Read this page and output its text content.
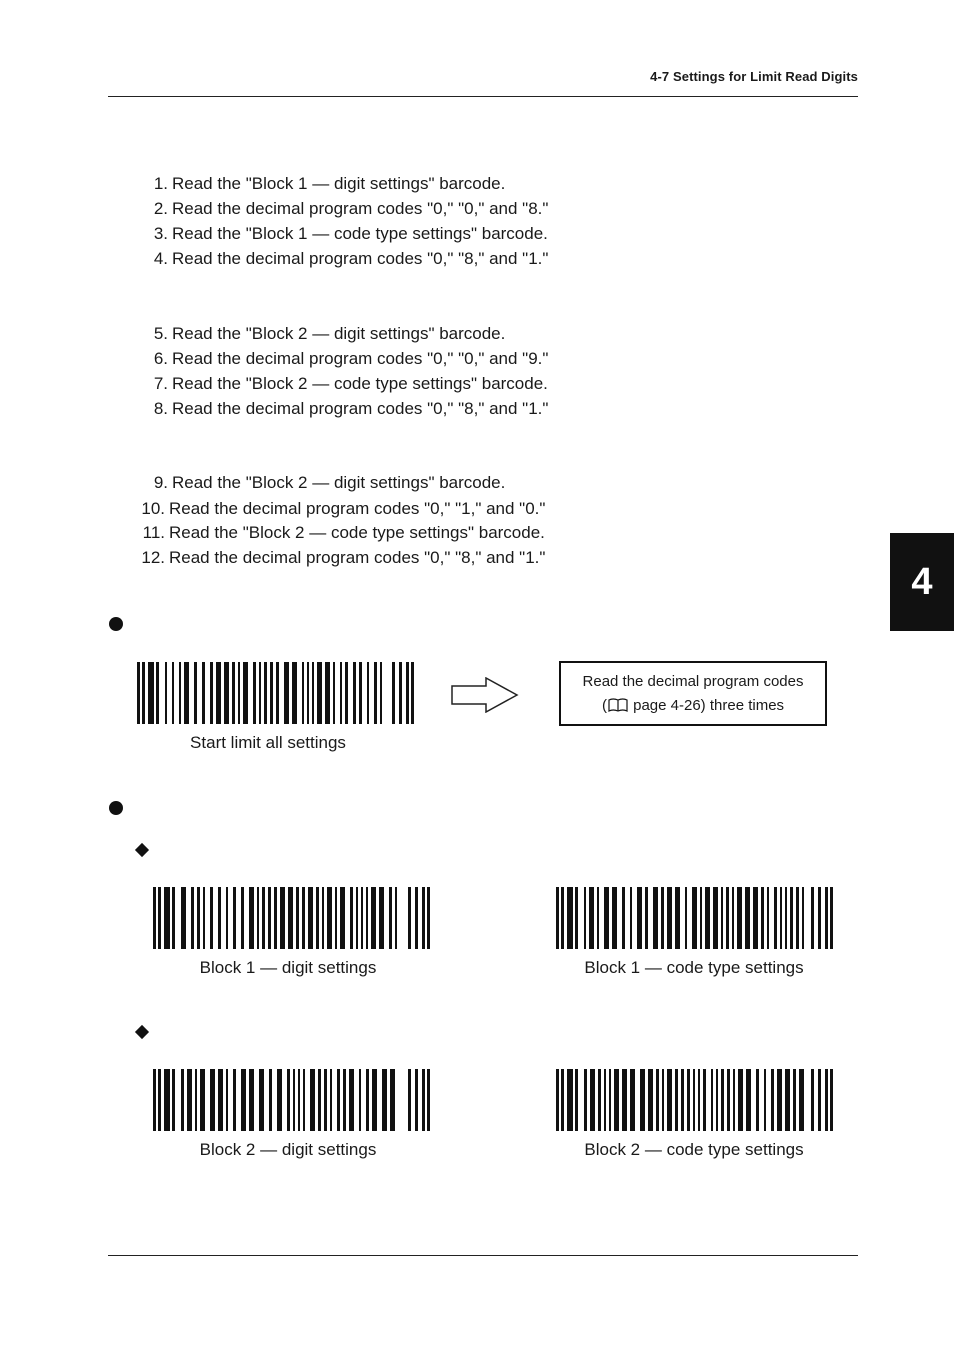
4-7 Settings for Limit Read Digits
4
1. Read the "Block 1 — digit settings" barcode.
2. Read the decimal program codes "0," "0," and "8."
3. Read the "Block 1 — code type settings" barcode.
4. Read the decimal program codes "0," "8," and "1."
5. Read the "Block 2 — digit settings" barcode.
6. Read the decimal program codes "0," "0," and "9."
7. Read the "Block 2 — code type settings" barcode.
8. Read the decimal program codes "0," "8," and "1."
9. Read the "Block 2 — digit settings" barcode.
10. Read the decimal program codes "0," "1," and "0."
11. Read the "Block 2 — code type settings" barcode.
12. Read the decimal program codes "0," "8," and "1."
Start limit all settings
Read the decimal program codes
( page 4-26) three times
Block 1 — digit settings	Block 1 — code type settings
Block 2 — digit settings	Block 2 — code type settings
